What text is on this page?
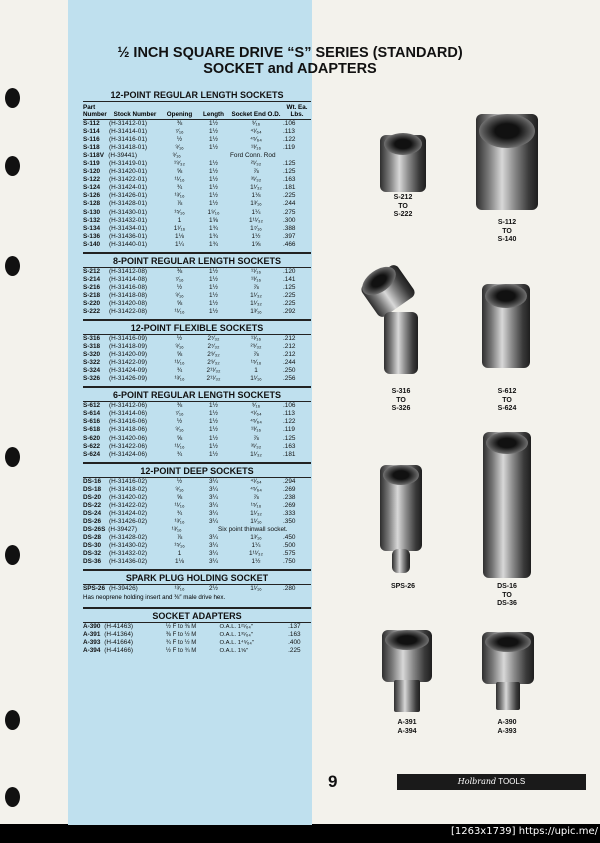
½ INCH SQUARE DRIVE “S” SERIES (STANDARD)
SOCKET and ADAPTERS
12-POINT REGULAR LENGTH SOCKETS
Part Number	Stock Number	Opening	Length	Socket End O.D.
Wt. Ea. Lbs.
S-112	(H-31412-01)	⅜	1½	⁹⁄₁₆	.106
S-114	(H-31414-01)	⁷⁄₁₆	1½	⁴¹⁄₆₄	.113
S-116	(H-31416-01)	½	1½	⁴⁵⁄₆₄	.122
S-118	(H-31418-01)	⁹⁄₁₆	1½	¹³⁄₁₆	.119
S-118V (H-39441)	⁹⁄₁₆	Ford Conn. Rod
S-119	(H-31419-01)	¹⁹⁄₃₂	1½	²¹⁄₃₂	.125
S-120	(H-31420-01)	⅝	1½	⅞	.125
S-122	(H-31422-01)	¹¹⁄₁₆	1½	³¹⁄₃₂	.163
S-124	(H-31424-01)	¾	1½	1¹⁄₃₂	.181
S-126	(H-31426-01)	¹³⁄₁₆	1½	1⅛	.225
S-128	(H-31428-01)	⅞	1½	1³⁄₁₆	.244
S-130	(H-31430-01)	¹⁵⁄₁₆	1⁹⁄₁₆	1¼	.275
S-132	(H-31432-01)	1	1⅝	1¹¹⁄₃₂	.300
S-134	(H-31434-01)	1¹⁄₁₆	1¾	1⁷⁄₁₆	.388
S-136	(H-31436-01)	1⅛	1¾	1½	.397
S-140	(H-31440-01)	1¼	1¾	1⅝	.466
8-POINT REGULAR LENGTH SOCKETS
S-212	(H-31412-08)	⅜	1½	¹¹⁄₁₆	.120
S-214	(H-31414-08)	⁷⁄₁₆	1½	¹³⁄₁₆	.141
S-216	(H-31416-08)	½	1½	⅞	.125
S-218	(H-31418-08)	⁹⁄₁₆	1½	1¹⁄₃₂	.225
S-220	(H-31420-08)	⅝	1½	1¹⁄₃₂	.225
S-222	(H-31422-08)	¹¹⁄₁₆	1½	1³⁄₁₆	.292
12-POINT FLEXIBLE SOCKETS
S-316	(H-31416-09)	½	2⁷⁄₃₂	¹¹⁄₁₆	.212
S-318	(H-31418-09)	⁹⁄₁₆	2⁷⁄₃₂	²⁹⁄₃₂	.212
S-320	(H-31420-09)	⅝	2⁹⁄₃₂	⅞	.212
S-322	(H-31422-09)	¹¹⁄₁₆	2⁹⁄₃₂	¹⁵⁄₁₆	.244
S-324	(H-31424-09)	¾	2¹¹⁄₃₂	1	.250
S-326	(H-31426-09)	¹³⁄₁₆	2¹¹⁄₃₂	1¹⁄₁₆	.256
6-POINT REGULAR LENGTH SOCKETS
S-612	(H-31412-06)	⅜	1½	⁹⁄₁₆	.106
S-614	(H-31414-06)	⁷⁄₁₆	1½	⁴¹⁄₆₄	.113
S-616	(H-31416-06)	½	1½	⁴⁵⁄₆₄	.122
S-618	(H-31418-06)	⁹⁄₁₆	1½	¹³⁄₁₆	.119
S-620	(H-31420-06)	⅝	1½	⅞	.125
S-622	(H-31422-06)	¹¹⁄₁₆	1½	³¹⁄₃₂	.163
S-624	(H-31424-06)	¾	1½	1¹⁄₃₂	.181
12-POINT DEEP SOCKETS
DS-16	(H-31416-02)	½	3¼	⁴¹⁄₆₄	.294
DS-18	(H-31418-02)	⁹⁄₁₆	3¼	⁴⁵⁄₆₄	.269
DS-20	(H-31420-02)	⅝	3¼	⅞	.238
DS-22	(H-31422-02)	¹¹⁄₁₆	3¼	¹⁵⁄₁₆	.269
DS-24	(H-31424-02)	¾	3¼	1¹⁄₃₂	.333
DS-26	(H-31426-02)	¹³⁄₁₆	3¼	1¹⁄₁₆	.350
DS-26S (H-39427)	¹³⁄₁₆	Six point thinwall socket.
DS-28	(H-31428-02)	⅞	3¼	1³⁄₁₆	.450
DS-30	(H-31430-02)	¹⁵⁄₁₆	3¼	1¼	.500
DS-32	(H-31432-02)	1	3¼	1¹¹⁄₃₂	.575
DS-36	(H-31436-02)	1⅛	3¼	1½	.750
SPARK PLUG HOLDING SOCKET
SPS-26 (H-39426)	¹³⁄₁₆	2½	1¹⁄₁₆	.280
Has neoprene holding insert and ⅜″ male drive hex.
SOCKET ADAPTERS
A-390 (H-41463)	½ F to ⅜ M	O.A.L. 1²¹⁄₆₄″	.137
A-391 (H-41364)	⅜ F to ½ M	O.A.L. 1³¹⁄₆₄″	.163
A-393 (H-41664)	¾ F to ½ M	O.A.L. 1⁴⁵⁄₆₄″	.400
A-394 (H-41466)	½ F to ¾ M	O.A.L. 1⅝″	.225
S-212
TO
S-222
S-112
TO
S-140
S-316
TO
S-326
S-612
TO
S-624
SPS-26	DS-16
TO
DS-36
A-391
A-394
A-390
A-393
9	Holbrand TOOLS
[1263x1739] https://upic.me/
